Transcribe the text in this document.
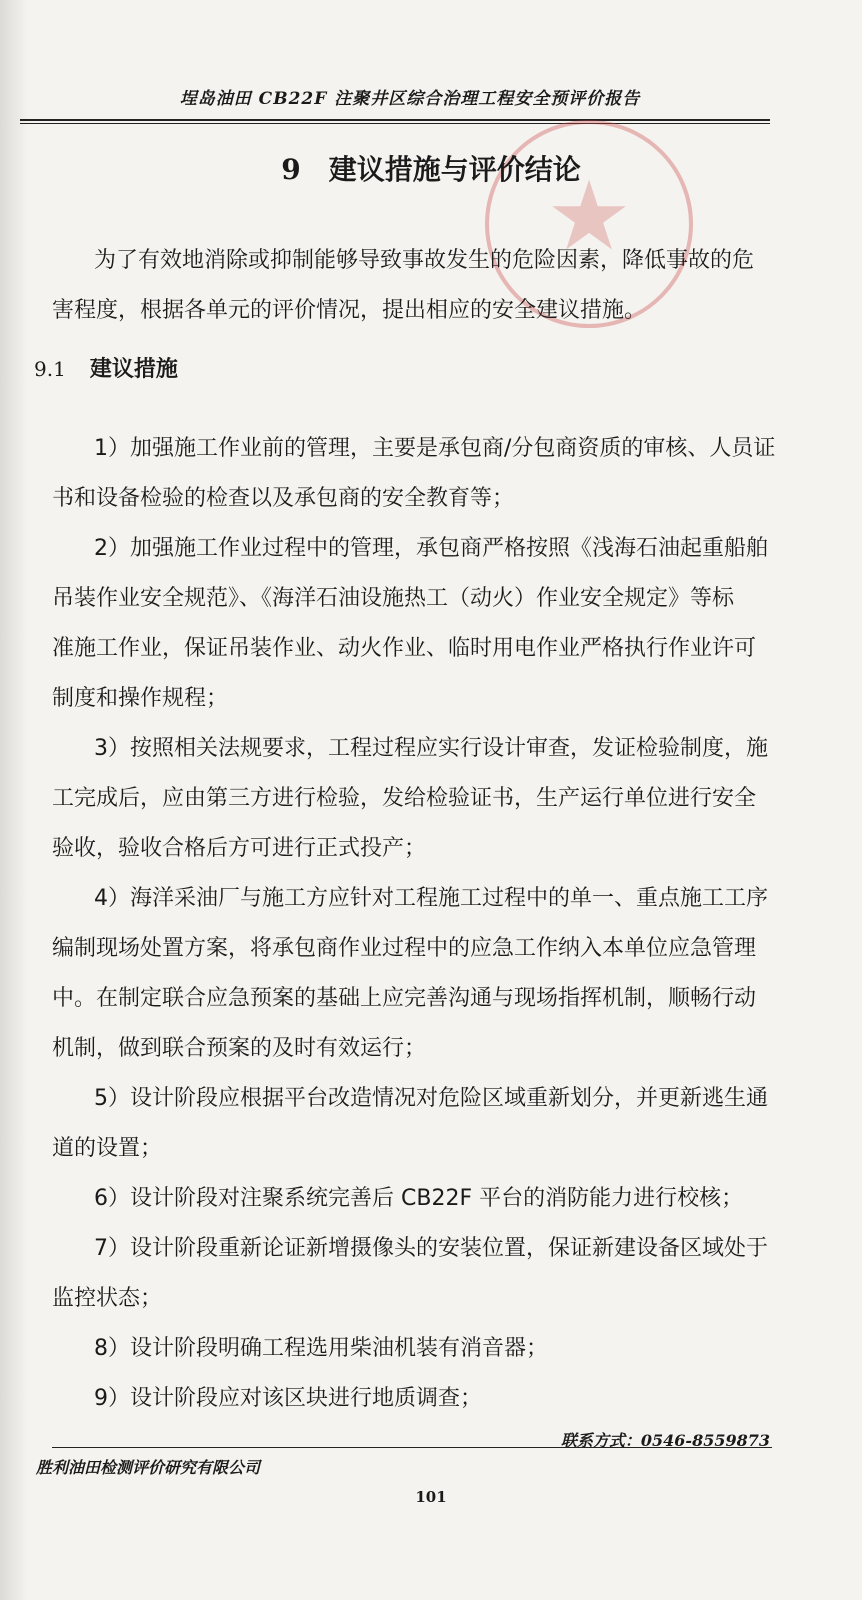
埕岛油田 CB22F 注聚井区综合治理工程安全预评价报告
★
9 建议措施与评价结论
为了有效地消除或抑制能够导致事故发生的危险因素，降低事故的危
害程度，根据各单元的评价情况，提出相应的安全建议措施。
9.1 建议措施
1）加强施工作业前的管理，主要是承包商/分包商资质的审核、人员证
书和设备检验的检查以及承包商的安全教育等；
2）加强施工作业过程中的管理，承包商严格按照《浅海石油起重船舶
吊装作业安全规范》、《海洋石油设施热工（动火）作业安全规定》等标
准施工作业，保证吊装作业、动火作业、临时用电作业严格执行作业许可
制度和操作规程；
3）按照相关法规要求，工程过程应实行设计审查，发证检验制度，施
工完成后，应由第三方进行检验，发给检验证书，生产运行单位进行安全
验收，验收合格后方可进行正式投产；
4）海洋采油厂与施工方应针对工程施工过程中的单一、重点施工工序
编制现场处置方案，将承包商作业过程中的应急工作纳入本单位应急管理
中。在制定联合应急预案的基础上应完善沟通与现场指挥机制，顺畅行动
机制，做到联合预案的及时有效运行；
5）设计阶段应根据平台改造情况对危险区域重新划分，并更新逃生通
道的设置；
6）设计阶段对注聚系统完善后 CB22F 平台的消防能力进行校核；
7）设计阶段重新论证新增摄像头的安装位置，保证新建设备区域处于
监控状态；
8）设计阶段明确工程选用柴油机装有消音器；
9）设计阶段应对该区块进行地质调查；
联系方式：0546-8559873
胜利油田检测评价研究有限公司
101
